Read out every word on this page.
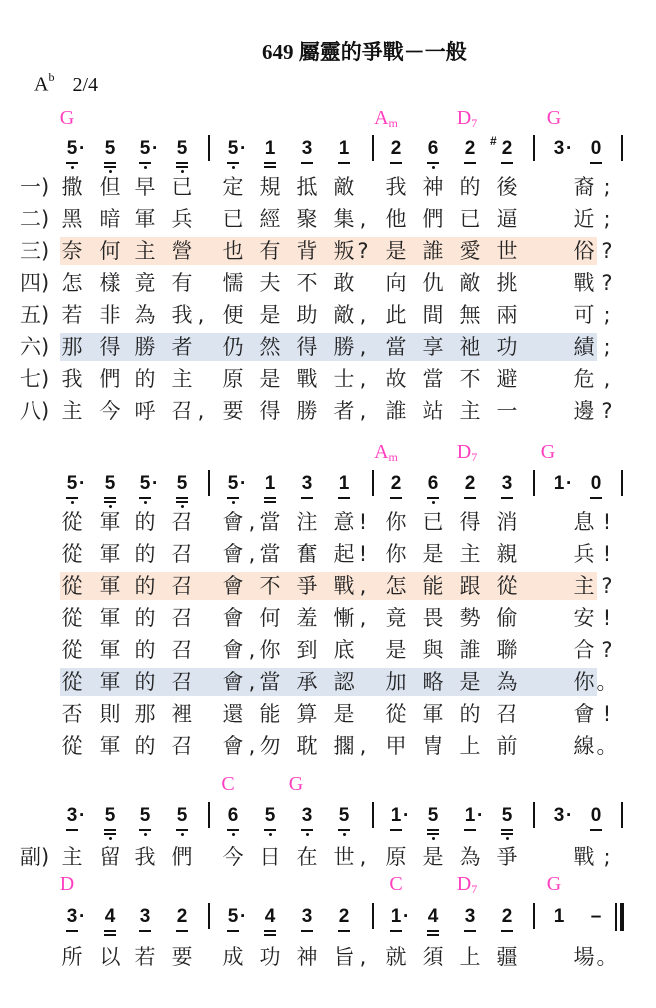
649 屬靈的爭戰－一般
$A^b$ 2/4
G	$A_m$	$D_7$	G
5 · 5 5 · 5 5 · 1 3 1 2 6 2 2
#	3 · 0
一) 撒 但 早 已 定 規 抵 敵 我 神 的 後	裔 ;
二) 黑 暗 軍 兵 已 經 聚 集 , 他 們 已 逼	近 ;
三) 奈 何 主 營 也 有 背 叛 ? 是 誰 愛 世	俗 ?
四) 怎 樣 竟 有 懦 夫 不 敢 向 仇 敵 挑	戰 ?
五) 若 非 為 我 , 便 是 助 敵 , 此 間 無 兩	可 ;
六) 那 得 勝 者 仍 然 得 勝 , 當 享 祂 功	績 ;
七) 我 們 的 主 原 是 戰 士 , 故 當 不 避	危 ,
八) 主 今 呼 召 , 要 得 勝 者 , 誰 站 主 一	邊 ?
$A_m$	$D_7$	G
5 · 5 5 · 5 5 · 1 3 1 2 6 2 3 1 · 0
從 軍 的 召 會 , 當 注 意 ! 你 已 得 消	息 !
從 軍 的 召 會 , 當 奮 起 ! 你 是 主 親	兵 !
從 軍 的 召 會 不 爭 戰 , 怎 能 跟 從	主 ?
從 軍 的 召 會 何 羞 慚 , 竟 畏 勢 偷	安 !
從 軍 的 召 會 , 你 到 底 是 與 誰 聯	合 ?
從 軍 的 召 會 , 當 承 認 加 略 是 為	你 。
否 則 那 裡 還 能 算 是 從 軍 的 召	會 !
從 軍 的 召 會 , 勿 耽 擱 , 甲 冑 上 前	線 。
C	G
3 · 5 5 5 6 5 3 5 1 · 5 1 · 5 3 · 0
副) 主 留 我 們 今 日 在 世 , 原 是 為 爭	戰 ;
D	C	$D_7$	G
3 · 4 3 2 5 · 4 3 2 1 · 4 3 2 1 –
所 以 若 要 成 功 神 旨 , 就 須 上 疆	場 。
